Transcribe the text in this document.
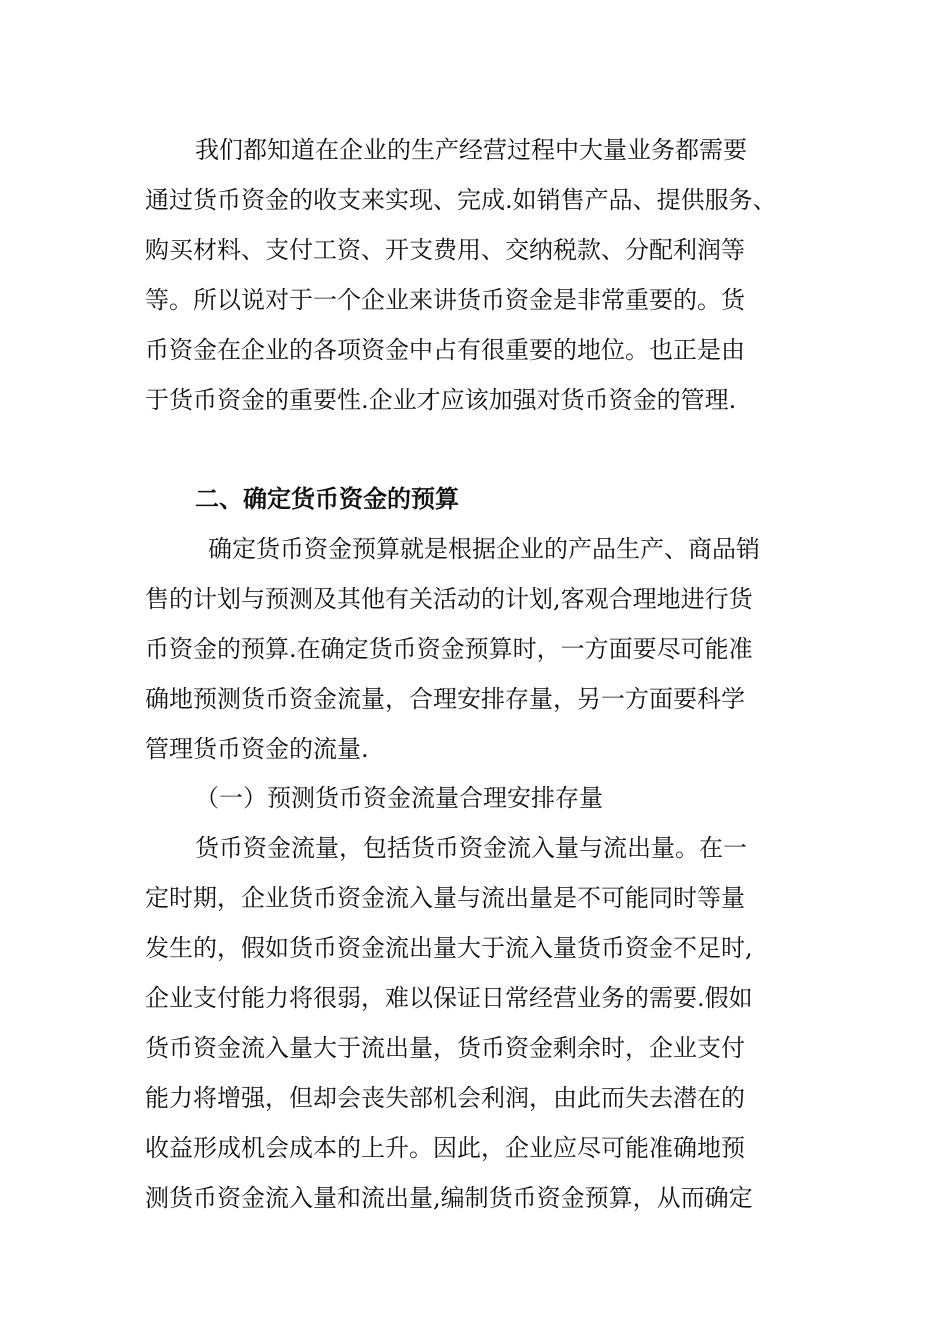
我们都知道在企业的生产经营过程中大量业务都需要
通过货币资金的收支来实现、完成.如销售产品、提供服务、
购买材料、支付工资、开支费用、交纳税款、分配利润等
等。所以说对于一个企业来讲货币资金是非常重要的。货
币资金在企业的各项资金中占有很重要的地位。也正是由
于货币资金的重要性.企业才应该加强对货币资金的管理.
二、确定货币资金的预算
确定货币资金预算就是根据企业的产品生产、商品销
售的计划与预测及其他有关活动的计划,客观合理地进行货
币资金的预算.在确定货币资金预算时，一方面要尽可能准
确地预测货币资金流量，合理安排存量，另一方面要科学
管理货币资金的流量.
（一）预测货币资金流量合理安排存量
货币资金流量，包括货币资金流入量与流出量。在一
定时期，企业货币资金流入量与流出量是不可能同时等量
发生的，假如货币资金流出量大于流入量货币资金不足时,
企业支付能力将很弱，难以保证日常经营业务的需要.假如
货币资金流入量大于流出量，货币资金剩余时，企业支付
能力将增强，但却会丧失部机会利润，由此而失去潜在的
收益形成机会成本的上升。因此，企业应尽可能准确地预
测货币资金流入量和流出量,编制货币资金预算，从而确定
